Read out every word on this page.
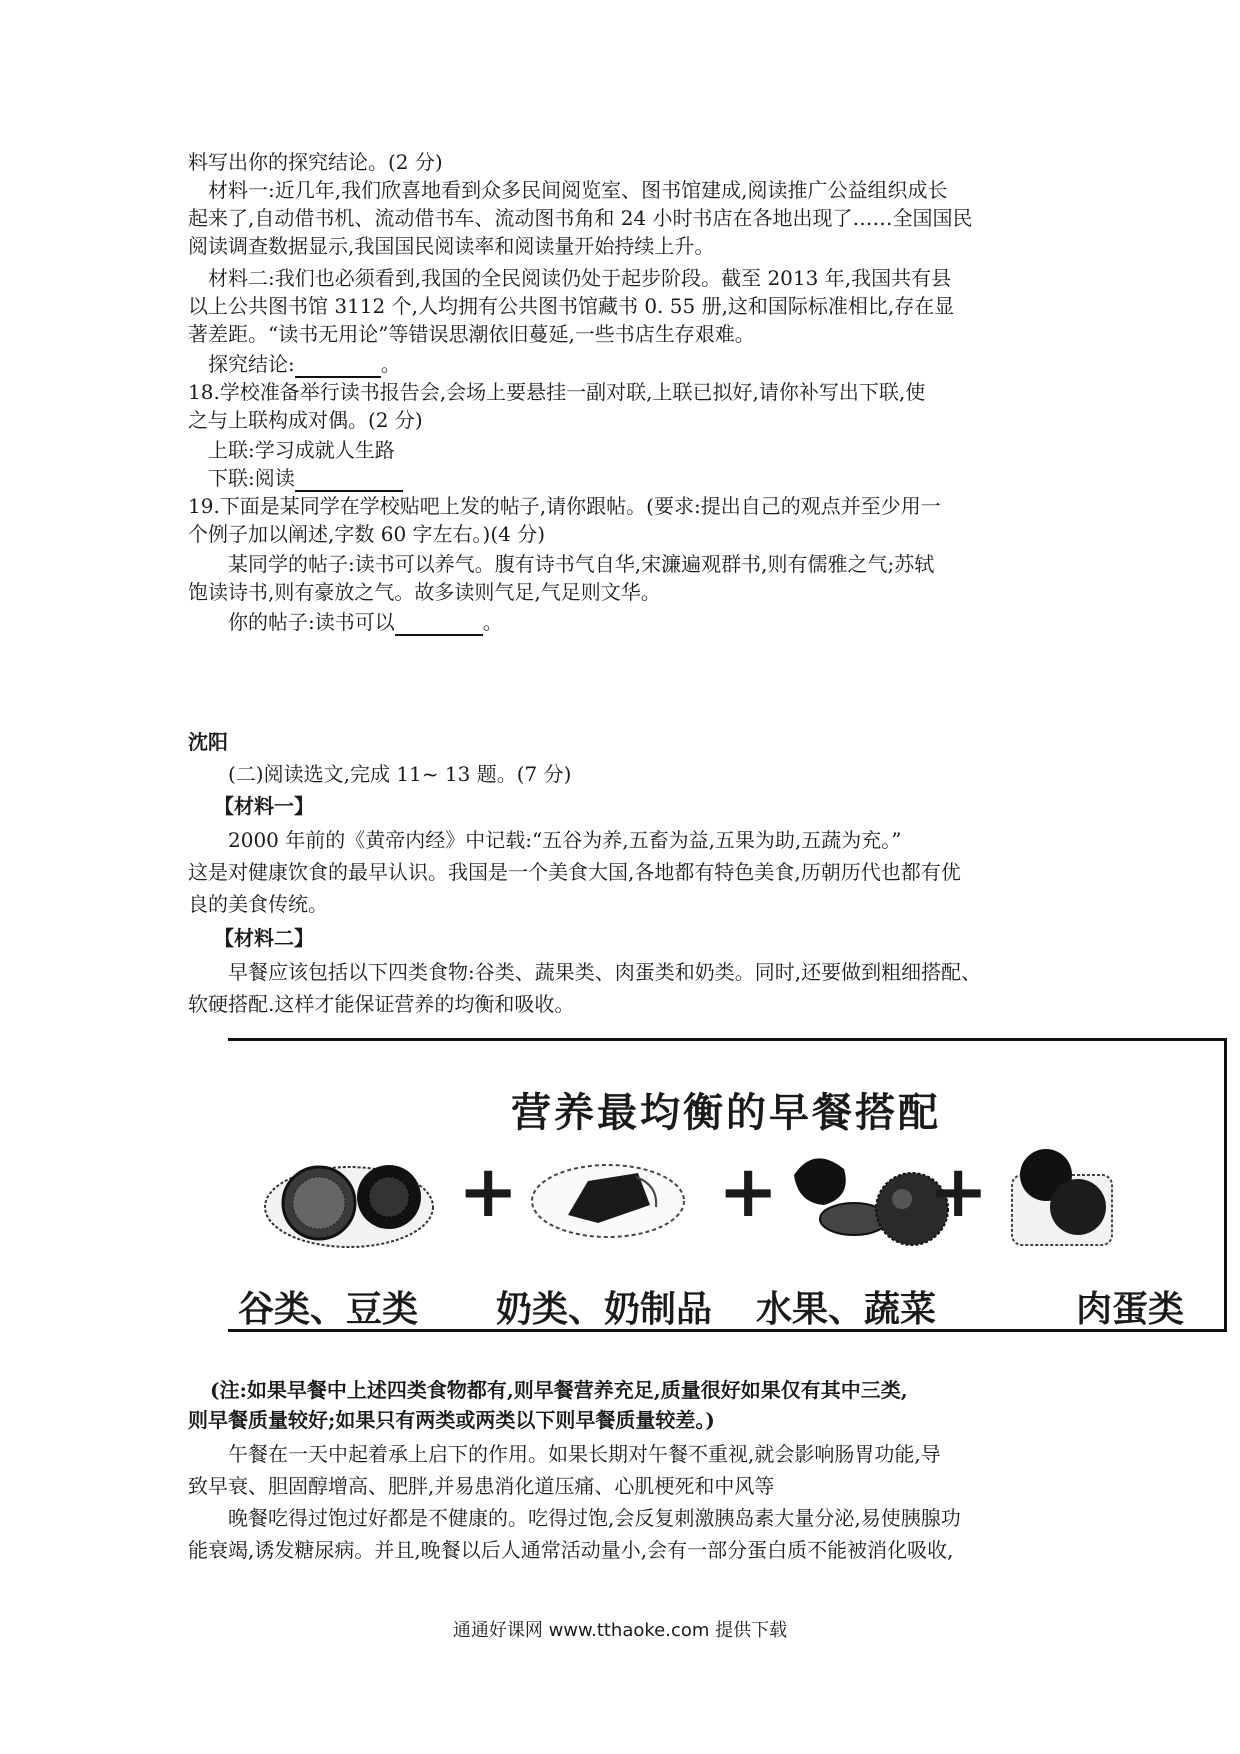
料写出你的探究结论。(2 分)
材料一:近几年,我们欣喜地看到众多民间阅览室、图书馆建成,阅读推广公益组织成长
起来了,自动借书机、流动借书车、流动图书角和 24 小时书店在各地出现了……全国国民
阅读调查数据显示,我国国民阅读率和阅读量开始持续上升。
材料二:我们也必须看到,我国的全民阅读仍处于起步阶段。截至 2013 年,我国共有县
以上公共图书馆 3112 个,人均拥有公共图书馆藏书 0. 55 册,这和国际标准相比,存在显
著差距。“读书无用论”等错误思潮依旧蔓延,一些书店生存艰难。
探究结论:	。
18.学校准备举行读书报告会,会场上要悬挂一副对联,上联已拟好,请你补写出下联,使
之与上联构成对偶。(2 分)
上联:学习成就人生路
下联:阅读
19.下面是某同学在学校贴吧上发的帖子,请你跟帖。(要求:提出自己的观点并至少用一
个例子加以阐述,字数 60 字左右。)(4 分)
某同学的帖子:读书可以养气。腹有诗书气自华,宋濂遍观群书,则有儒雅之气;苏轼
饱读诗书,则有豪放之气。故多读则气足,气足则文华。
你的帖子:读书可以	。
沈阳
(二)阅读选文,完成 11~ 13 题。(7 分)
【材料一】
2000 年前的《黄帝内经》中记载:“五谷为养,五畜为益,五果为助,五蔬为充。”
这是对健康饮食的最早认识。我国是一个美食大国,各地都有特色美食,历朝历代也都有优
良的美食传统。
【材料二】
早餐应该包括以下四类食物:谷类、蔬果类、肉蛋类和奶类。同时,还要做到粗细搭配、
软硬搭配.这样才能保证营养的均衡和吸收。
营养最均衡的早餐搭配
+	+ +
谷类、豆类 奶类、奶制品 水果、蔬菜	肉蛋类
(注:如果早餐中上述四类食物都有,则早餐营养充足,质量很好如果仅有其中三类,
则早餐质量较好;如果只有两类或两类以下则早餐质量较差。)
午餐在一天中起着承上启下的作用。如果长期对午餐不重视,就会影响肠胃功能,导
致早衰、胆固醇增高、肥胖,并易患消化道压痛、心肌梗死和中风等
晚餐吃得过饱过好都是不健康的。吃得过饱,会反复刺激胰岛素大量分泌,易使胰腺功
能衰竭,诱发糖尿病。并且,晚餐以后人通常活动量小,会有一部分蛋白质不能被消化吸收,
通通好课网 www.tthaoke.com 提供下载
